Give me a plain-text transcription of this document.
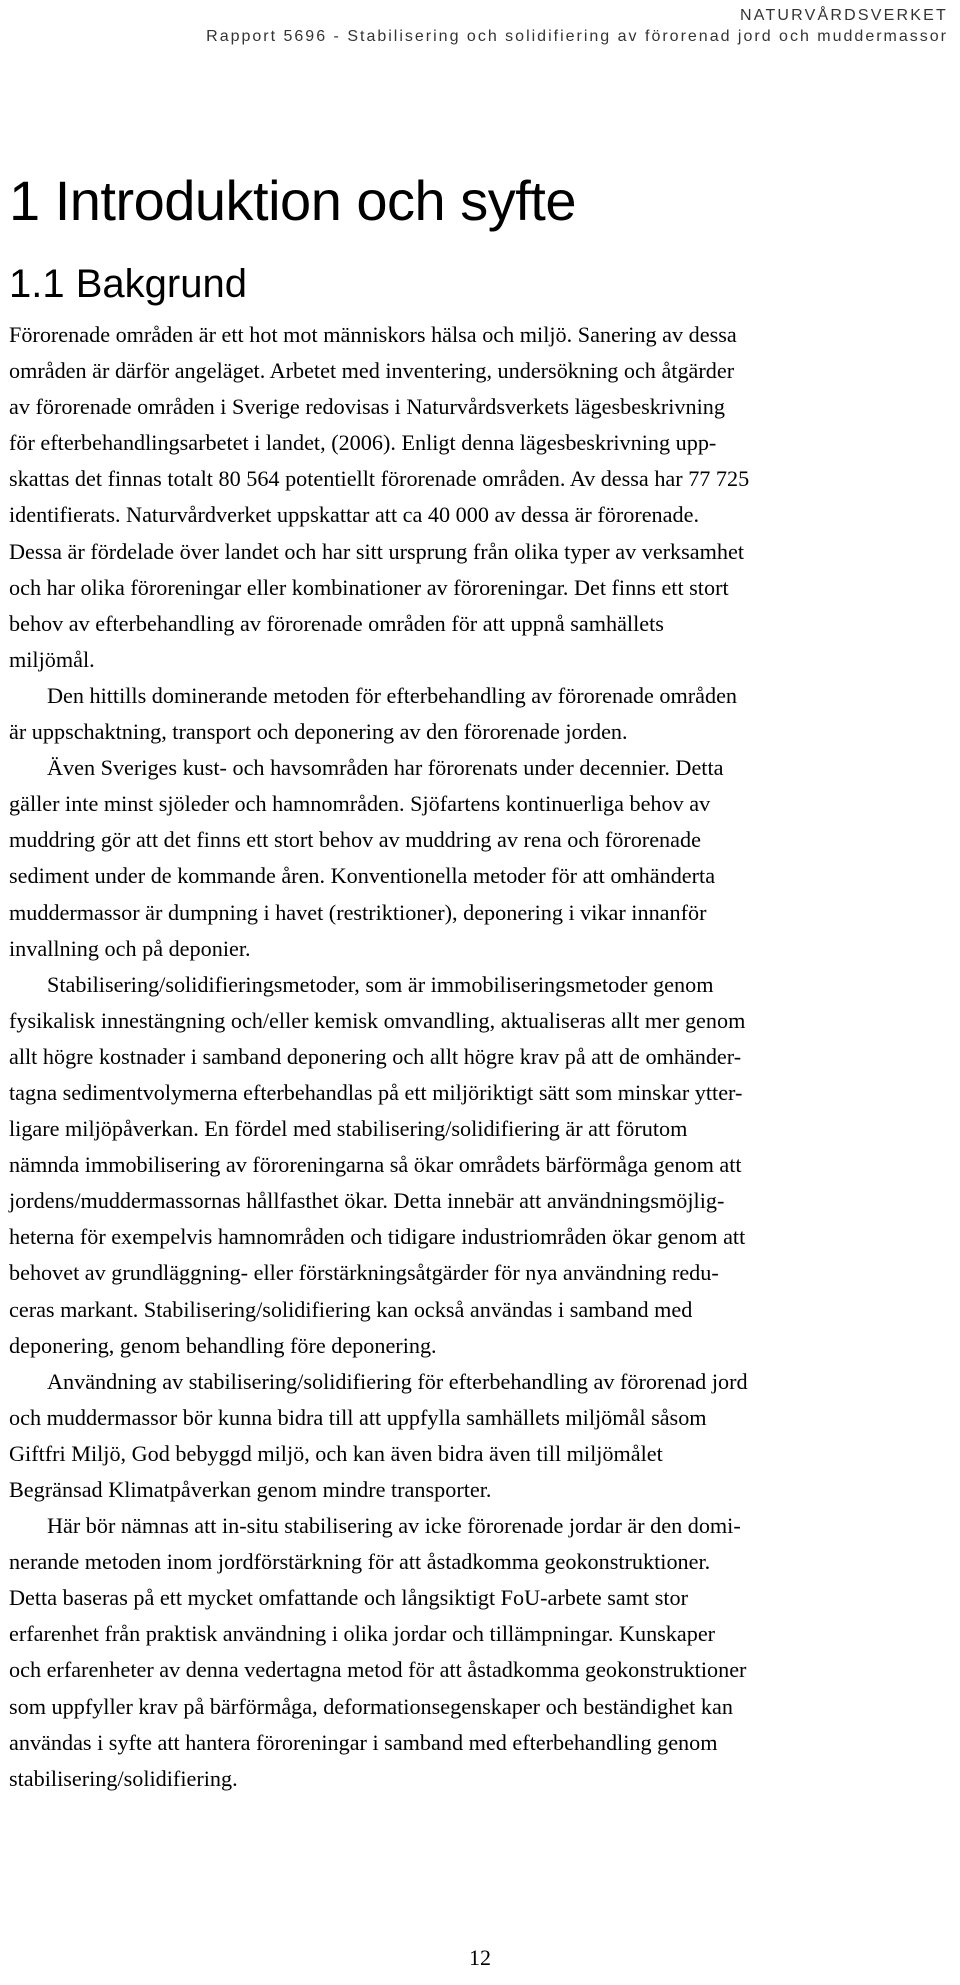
NATURVÅRDSVERKET
Rapport 5696 - Stabilisering och solidifiering av förorenad jord och muddermassor
1 Introduktion och syfte
1.1 Bakgrund
Förorenade områden är ett hot mot människors hälsa och miljö. Sanering av dessa
områden är därför angeläget. Arbetet med inventering, undersökning och åtgärder
av förorenade områden i Sverige redovisas i Naturvårdsverkets lägesbeskrivning
för efterbehandlingsarbetet i landet, (2006). Enligt denna lägesbeskrivning upp-
skattas det finnas totalt 80 564 potentiellt förorenade områden. Av dessa har 77 725
identifierats. Naturvårdverket uppskattar att ca 40 000 av dessa är förorenade.
Dessa är fördelade över landet och har sitt ursprung från olika typer av verksamhet
och har olika föroreningar eller kombinationer av föroreningar. Det finns ett stort
behov av efterbehandling av förorenade områden för att uppnå samhällets
miljömål.
Den hittills dominerande metoden för efterbehandling av förorenade områden
är uppschaktning, transport och deponering av den förorenade jorden.
Även Sveriges kust- och havsområden har förorenats under decennier. Detta
gäller inte minst sjöleder och hamnområden. Sjöfartens kontinuerliga behov av
muddring gör att det finns ett stort behov av muddring av rena och förorenade
sediment under de kommande åren. Konventionella metoder för att omhänderta
muddermassor är dumpning i havet (restriktioner), deponering i vikar innanför
invallning och på deponier.
Stabilisering/solidifieringsmetoder, som är immobiliseringsmetoder genom
fysikalisk innestängning och/eller kemisk omvandling, aktualiseras allt mer genom
allt högre kostnader i samband deponering och allt högre krav på att de omhänder-
tagna sedimentvolymerna efterbehandlas på ett miljöriktigt sätt som minskar ytter-
ligare miljöpåverkan. En fördel med stabilisering/solidifiering är att förutom
nämnda immobilisering av föroreningarna så ökar områdets bärförmåga genom att
jordens/muddermassornas hållfasthet ökar. Detta innebär att användningsmöjlig-
heterna för exempelvis hamnområden och tidigare industriområden ökar genom att
behovet av grundläggning- eller förstärkningsåtgärder för nya användning redu-
ceras markant. Stabilisering/solidifiering kan också användas i samband med
deponering, genom behandling före deponering.
Användning av stabilisering/solidifiering för efterbehandling av förorenad jord
och muddermassor bör kunna bidra till att uppfylla samhällets miljömål såsom
Giftfri Miljö, God bebyggd miljö, och kan även bidra även till miljömålet
Begränsad Klimatpåverkan genom mindre transporter.
Här bör nämnas att in-situ stabilisering av icke förorenade jordar är den domi-
nerande metoden inom jordförstärkning för att åstadkomma geokonstruktioner.
Detta baseras på ett mycket omfattande och långsiktigt FoU-arbete samt stor
erfarenhet från praktisk användning i olika jordar och tillämpningar. Kunskaper
och erfarenheter av denna vedertagna metod för att åstadkomma geokonstruktioner
som uppfyller krav på bärförmåga, deformationsegenskaper och beständighet kan
användas i syfte att hantera föroreningar i samband med efterbehandling genom
stabilisering/solidifiering.
12
